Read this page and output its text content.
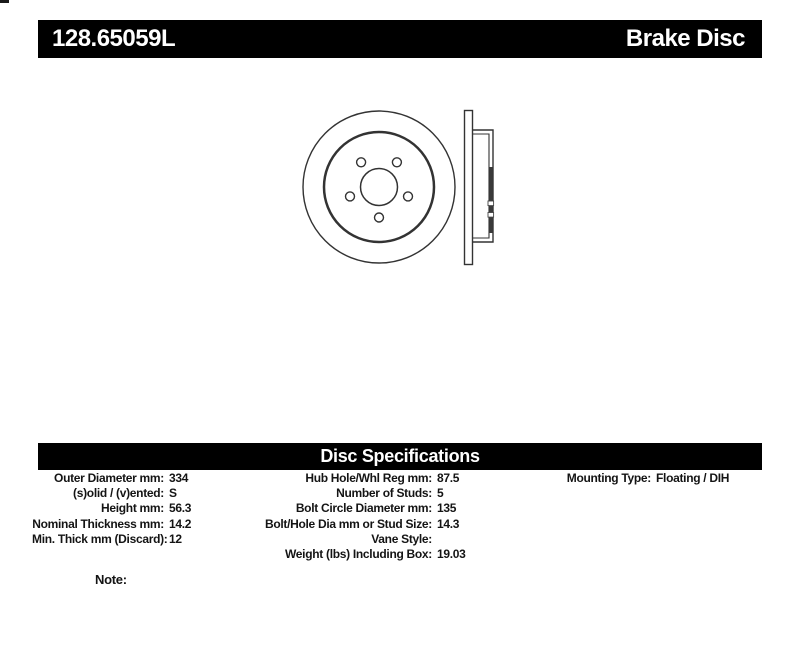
128.65059L	Brake Disc
Disc Specifications
Outer Diameter mm: 334
(s)olid / (v)ented: S
Height mm: 56.3
Nominal Thickness mm: 14.2
Min. Thick mm (Discard): 12
Hub Hole/Whl Reg mm: 87.5
Number of Studs: 5
Bolt Circle Diameter mm: 135
Bolt/Hole Dia mm or Stud Size: 14.3
Vane Style:
Weight (lbs) Including Box: 19.03
Mounting Type: Floating / DIH
Note:
